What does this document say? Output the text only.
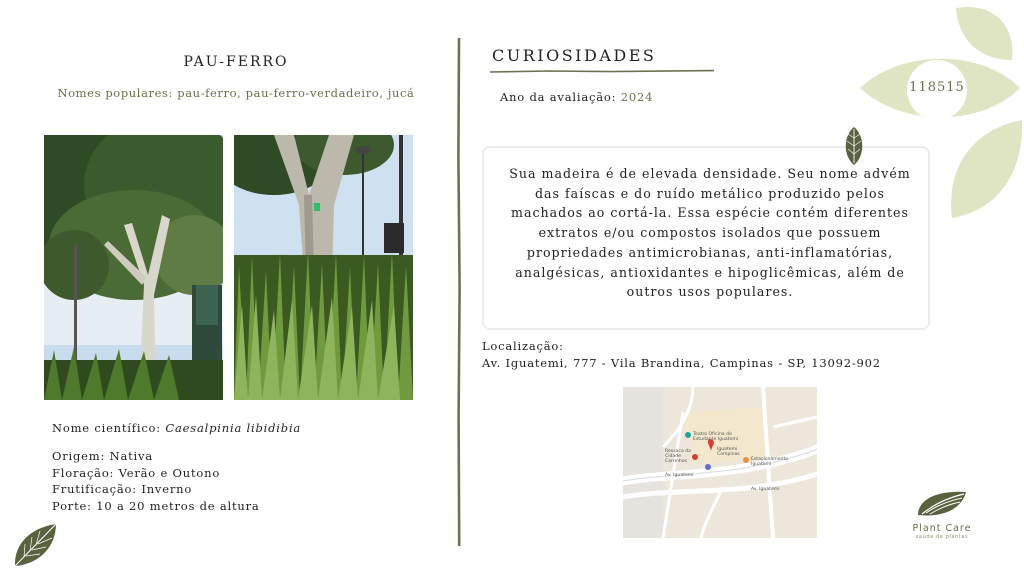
PAU-FERRO
Nomes populares: pau-ferro, pau-ferro-verdadeiro, jucá
Nome científico: Caesalpinia libidibia
Origem: Nativa
Floração: Verão e Outono
Frutificação: Inverno
Porte: 10 a 20 metros de altura
CURIOSIDADES
Ano da avaliação: 2024
Sua madeira é de elevada densidade. Seu nome advém das faíscas e do ruído metálico produzido pelos machados ao cortá-la. Essa espécie contém diferentes extratos e/ou compostos isolados que possuem propriedades antimicrobianas, anti-inflamatórias, analgésicas, antioxidantes e hipoglicêmicas, além de outros usos populares.
Localização:
Av. Iguatemi, 777 - Vila Brandina, Campinas - SP, 13092-902
Teatro Oficina do Estudante Iguatemi
Iguatemi Campinas
Estacionamento Iguatemi
Ressaca da Cidade Carrinhos
Av. Iguatemi
Av. Iguatemi
118515
Plant Care
saúde de plantas
